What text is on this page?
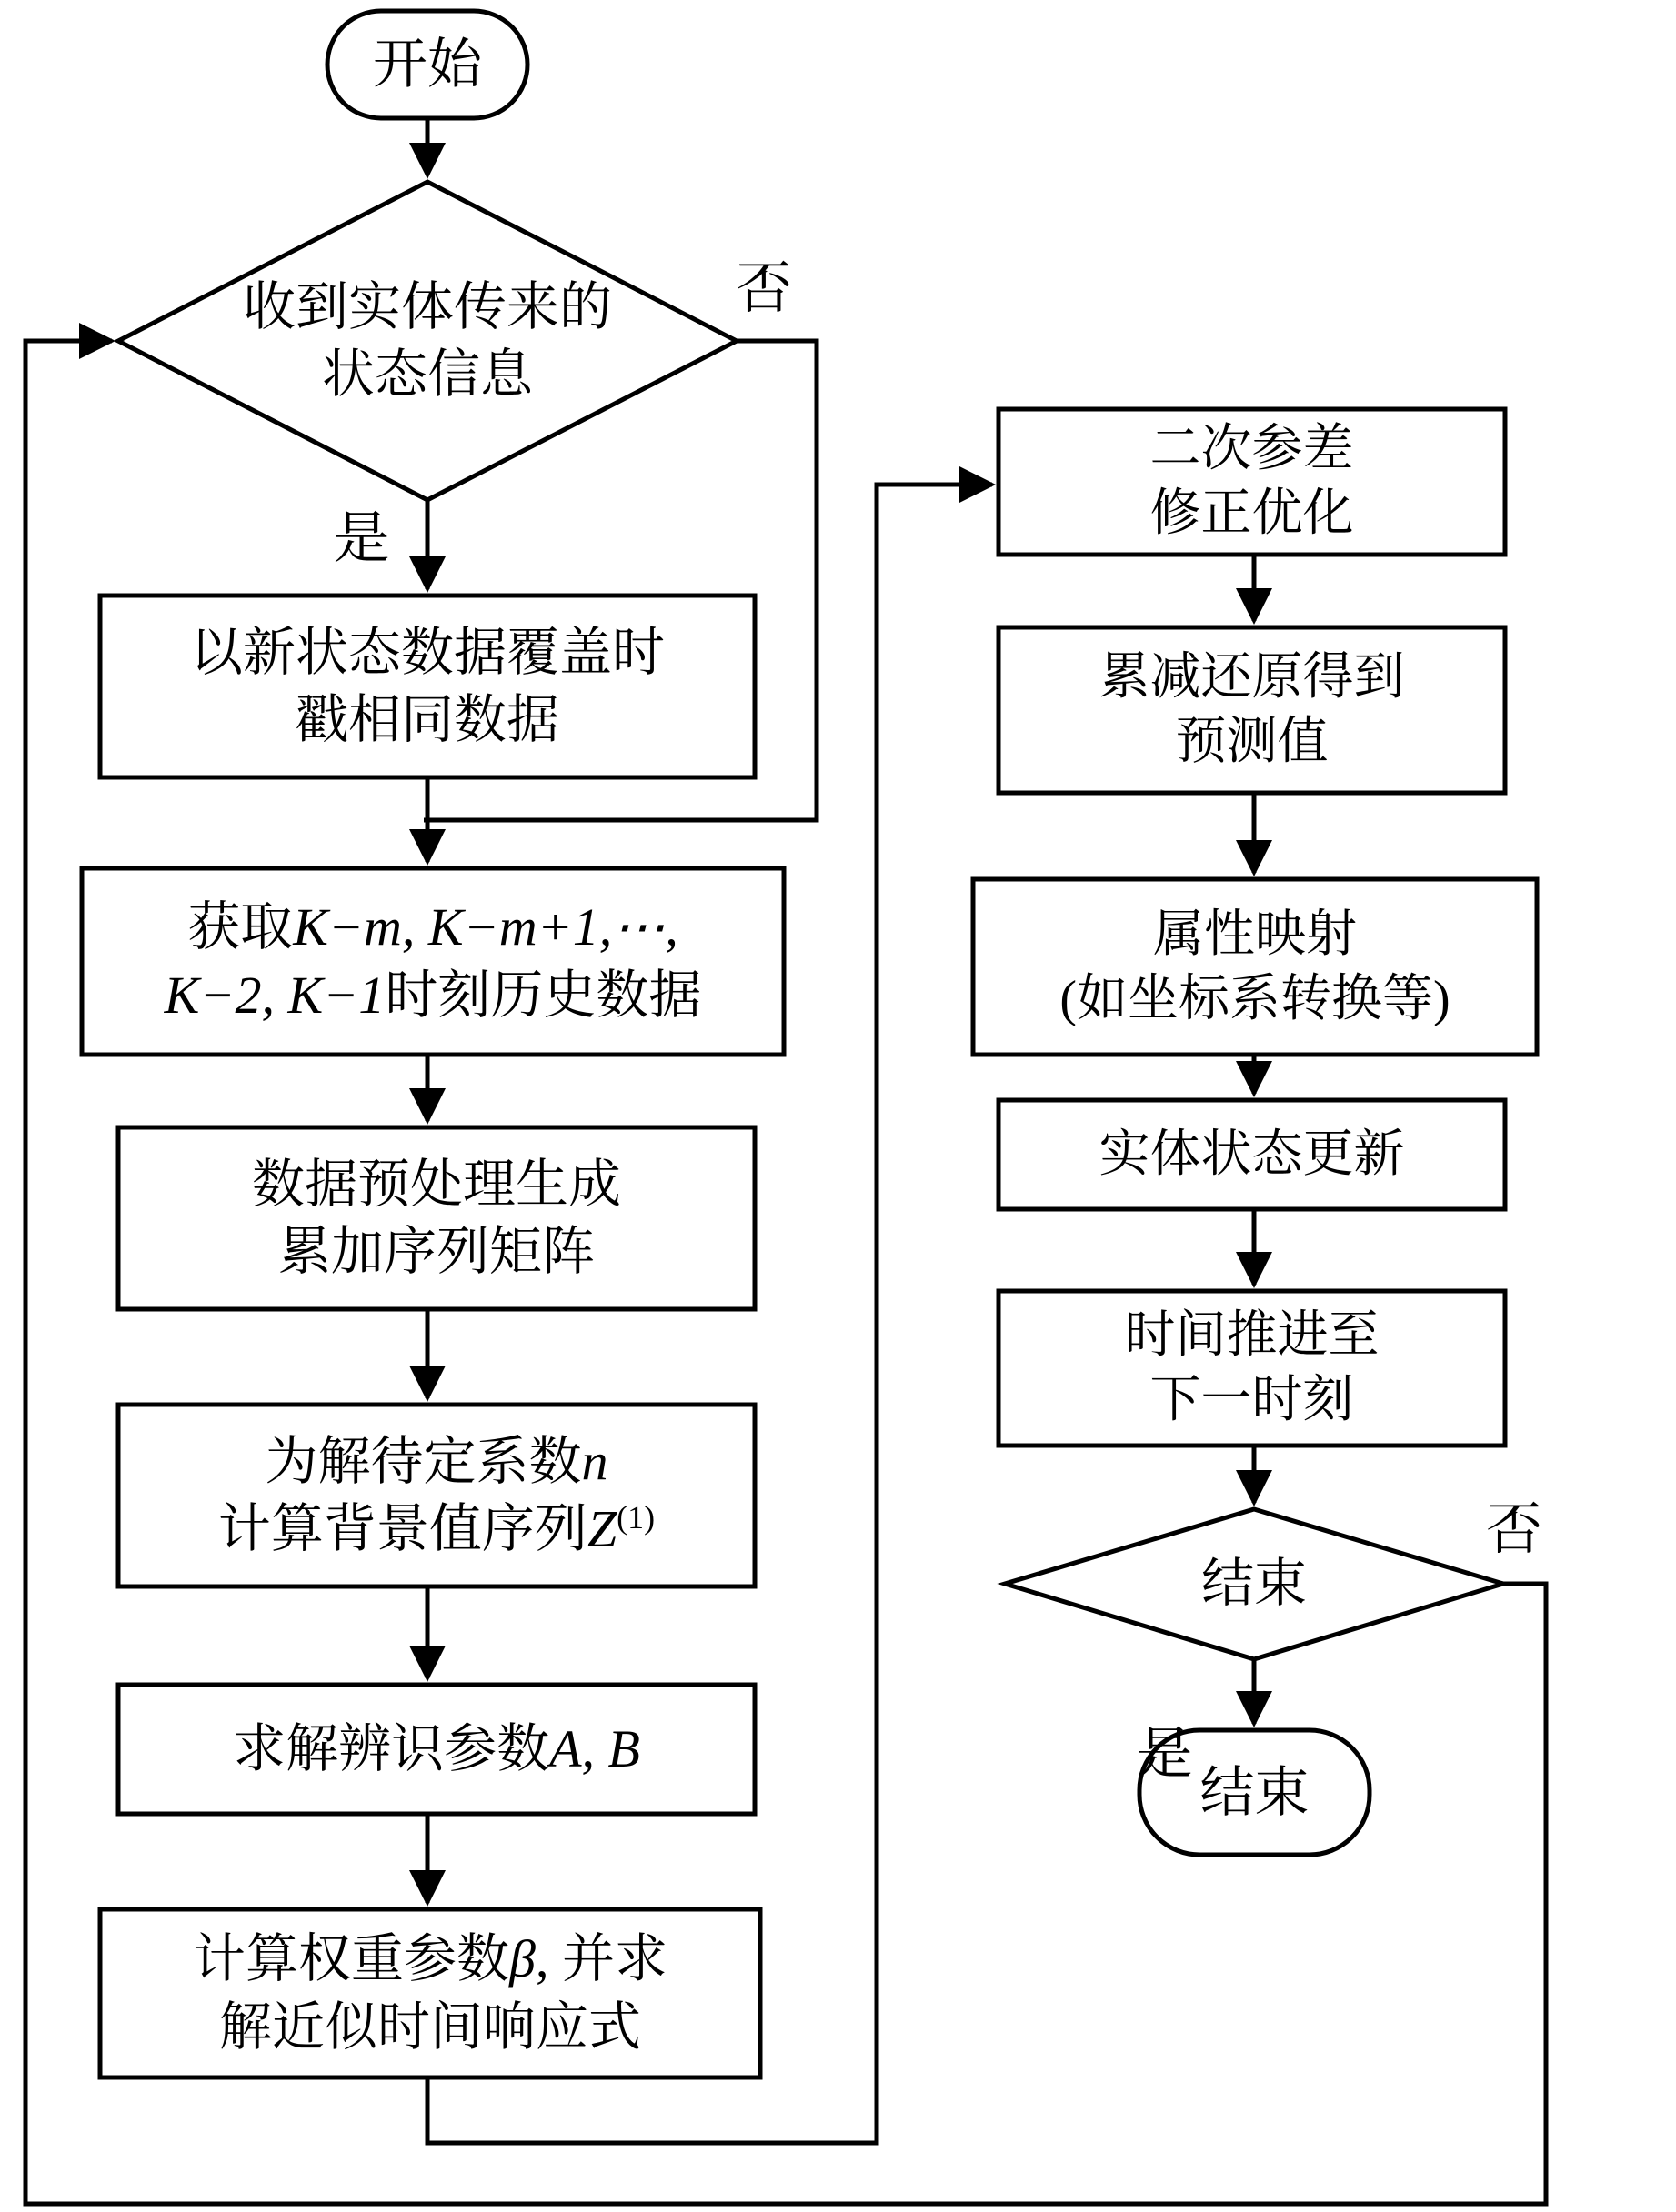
开始
收到实体传来的
状态信息
否
是
以新状态数据覆盖时
戳相同数据
获取K−m, K−m+1,⋯,
K−2, K−1时刻历史数据
数据预处理生成
累加序列矩阵
为解待定系数n
计算背景值序列$Z^{(1)}$
求解辨识参数A, B
计算权重参数β, 并求
解近似时间响应式
二次参差
修正优化
累减还原得到
预测值
属性映射
(如坐标系转换等)
实体状态更新
时间推进至
下一时刻
结束
否
是
结束
